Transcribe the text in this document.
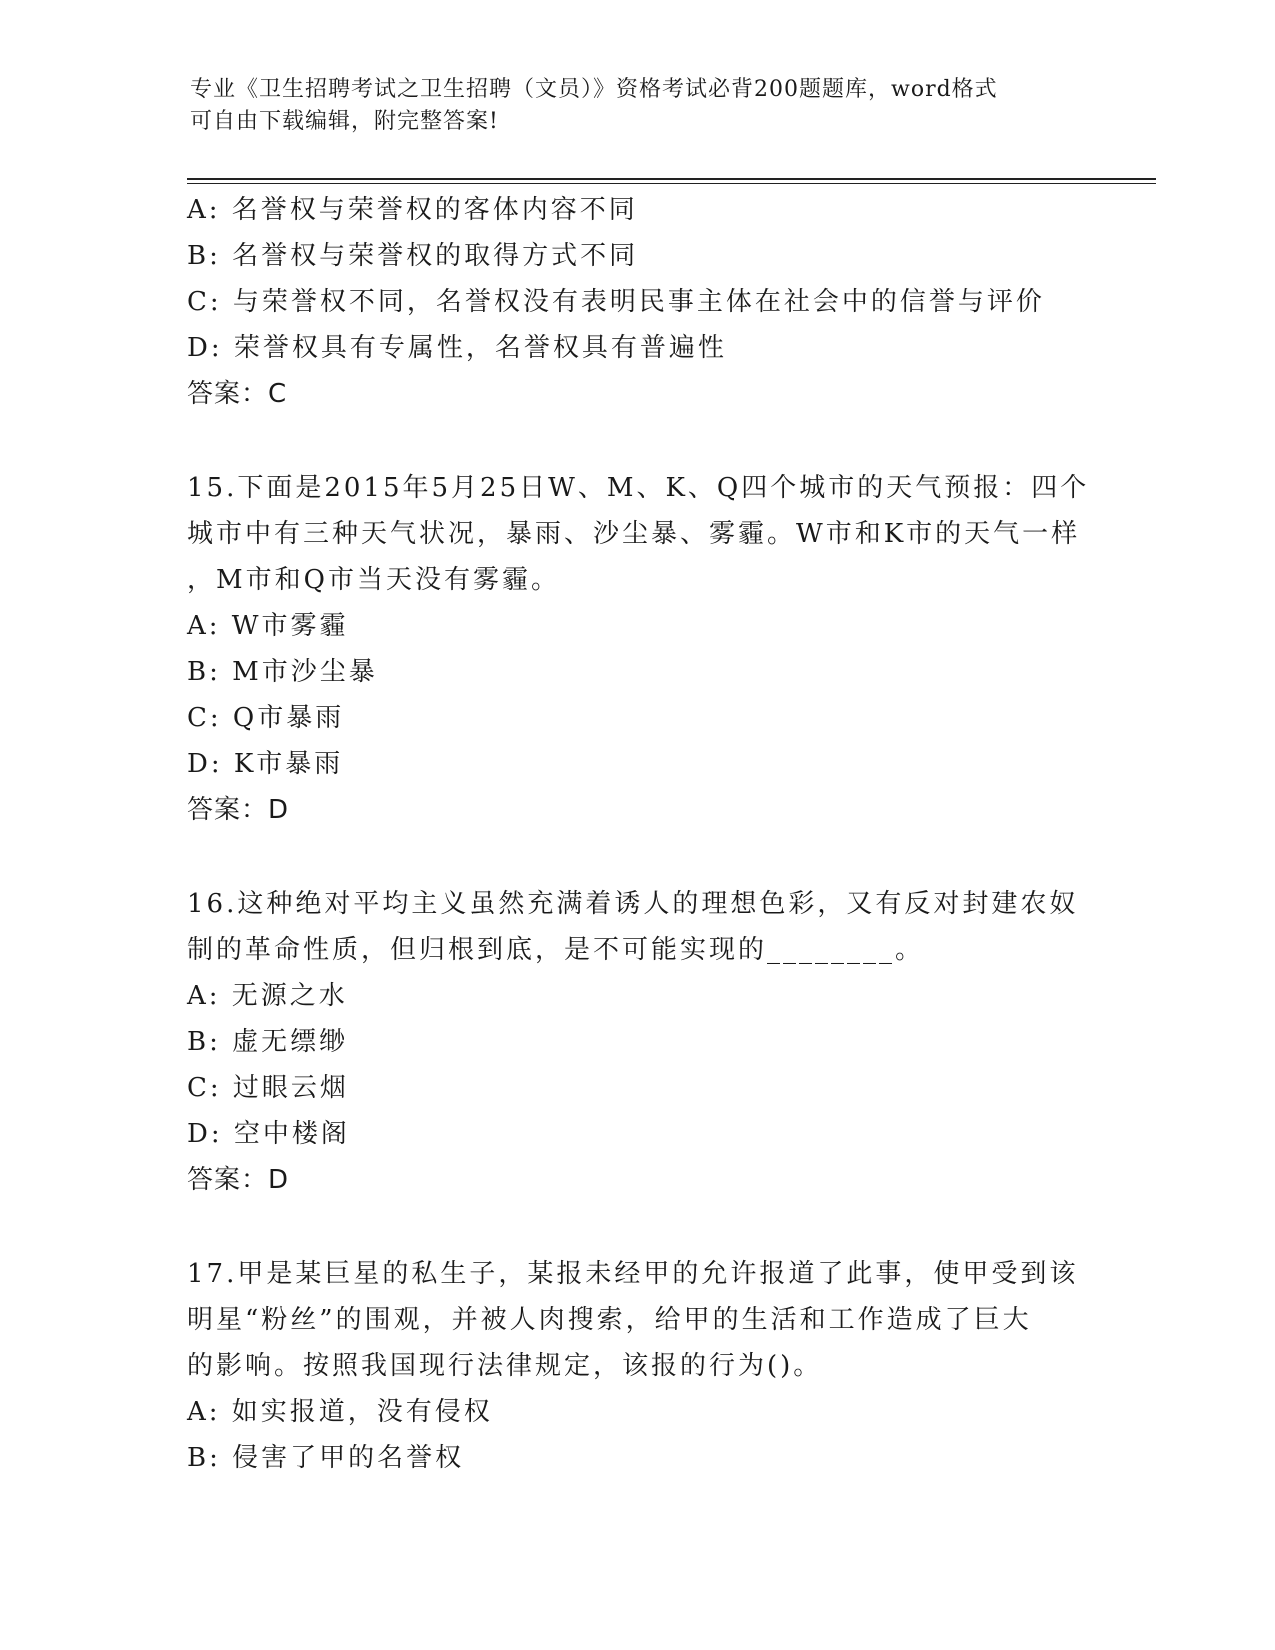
专业《卫生招聘考试之卫生招聘（文员）》资格考试必背200题题库，word格式
可自由下载编辑，附完整答案!
A: 名誉权与荣誉权的客体内容不同
B: 名誉权与荣誉权的取得方式不同
C: 与荣誉权不同，名誉权没有表明民事主体在社会中的信誉与评价
D: 荣誉权具有专属性，名誉权具有普遍性
答案：C
15.下面是2015年5月25日W、M、K、Q四个城市的天气预报：四个
城市中有三种天气状况，暴雨、沙尘暴、雾霾。W市和K市的天气一样
，M市和Q市当天没有雾霾。
A: W市雾霾
B: M市沙尘暴
C: Q市暴雨
D: K市暴雨
答案：D
16.这种绝对平均主义虽然充满着诱人的理想色彩，又有反对封建农奴
制的革命性质，但归根到底，是不可能实现的________。
A: 无源之水
B: 虚无缥缈
C: 过眼云烟
D: 空中楼阁
答案：D
17.甲是某巨星的私生子，某报未经甲的允许报道了此事，使甲受到该
明星“粉丝”的围观，并被人肉搜索，给甲的生活和工作造成了巨大
的影响。按照我国现行法律规定，该报的行为()。
A: 如实报道，没有侵权
B: 侵害了甲的名誉权
